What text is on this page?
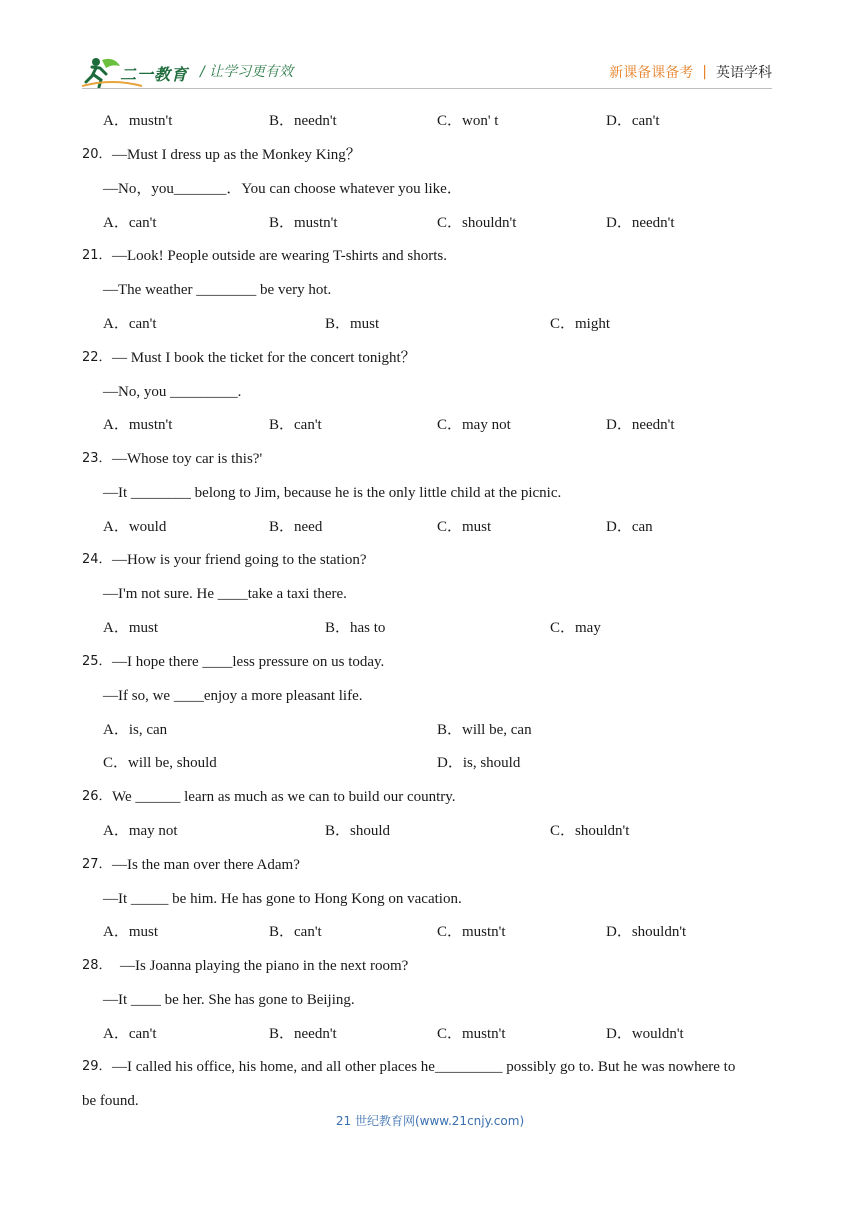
二一教育 / 让学习更有效	新课备课备考 | 英语学科
A．mustn't	B．needn't	C．won' t	D．can't
20． —Must I dress up as the Monkey King？
—No，you_______．You can choose whatever you like．
A．can't	B．mustn't	C．shouldn't	D．needn't
21． —Look! People outside are wearing T-shirts and shorts.
—The weather ________ be very hot.
A．can't	B．must	C．might
22． — Must I book the ticket for the concert tonight？
—No, you _________.
A．mustn't	B．can't	C．may not	D．needn't
23． —Whose toy car is this?'
—It ________ belong to Jim, because he is the only little child at the picnic.
A．would	B．need	C．must	D．can
24． —How is your friend going to the station?
—I'm not sure. He ____take a taxi there.
A．must	B．has to	C．may
25． —I hope there ____less pressure on us today.
—If so, we ____enjoy a more pleasant life.
A．is, can	B．will be, can
C．will be, should	D．is, should
26． We ______ learn as much as we can to build our country.
A．may not	B．should	C．shouldn't
27． —Is the man over there Adam?
—It _____ be him. He has gone to Hong Kong on vacation.
A．must	B．can't	C．mustn't	D．shouldn't
28． —Is Joanna playing the piano in the next room?
—It ____ be her. She has gone to Beijing.
A．can't	B．needn't	C．mustn't	D．wouldn't
29． —I called his office, his home, and all other places he_________ possibly go to. But he was nowhere to
be found.
21 世纪教育网(www.21cnjy.com)
